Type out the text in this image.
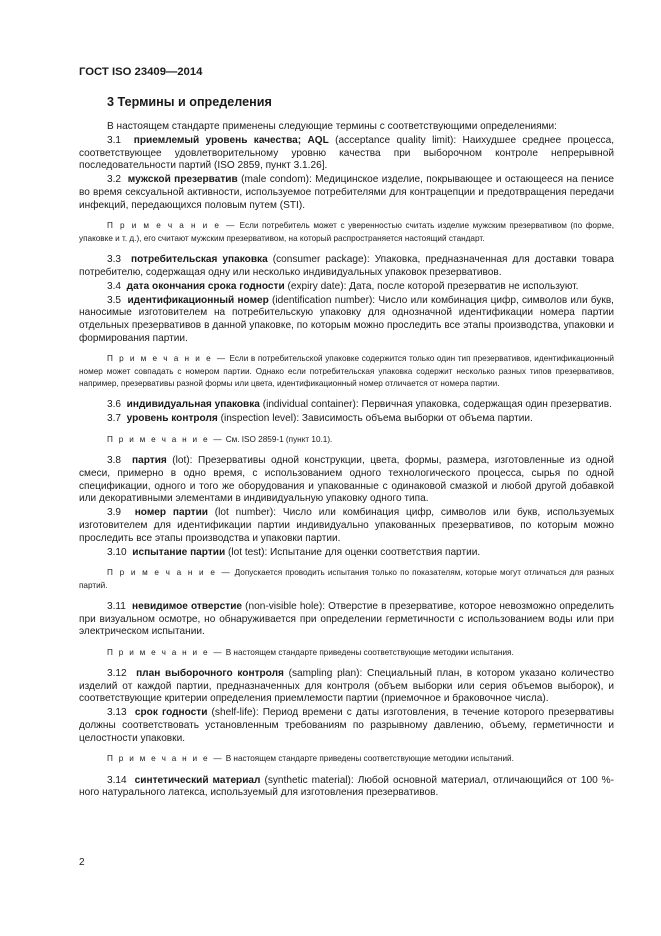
ГОСТ ISO 23409—2014
3 Термины и определения

В настоящем стандарте применены следующие термины с соответствующими определениями:

3.1 приемлемый уровень качества; AQL (acceptance quality limit): Наихудшее среднее процесса, соответствующее удовлетворительному уровню качества при выборочном контроле непрерывной последовательности партий (ISO 2859, пункт 3.1.26].

3.2 мужской презерватив (male condom): Медицинское изделие, покрывающее и остающееся на пенисе во время сексуальной активности, используемое потребителями для контрацепции и предотвращения передачи инфекций, передающихся половым путем (STI).

П р и м е ч а н и е — Если потребитель может с уверенностью считать изделие мужским презервативом (по форме, упаковке и т. д.), его считают мужским презервативом, на который распространяется настоящий стандарт.

3.3 потребительская упаковка (consumer package): Упаковка, предназначенная для доставки товара потребителю, содержащая одну или несколько индивидуальных упаковок презервативов.

3.4 дата окончания срока годности (expiry date): Дата, после которой презерватив не используют.

3.5 идентификационный номер (identification number): Число или комбинация цифр, символов или букв, наносимые изготовителем на потребительскую упаковку для однозначной идентификации номера партии отдельных презервативов в данной упаковке, по которым можно проследить все этапы производства, упаковки и формирования партии.

П р и м е ч а н и е — Если в потребительской упаковке содержится только один тип презервативов, идентификационный номер может совпадать с номером партии. Однако если потребительская упаковка содержит несколько разных типов презервативов, например, презервативы разной формы или цвета, идентификационный номер отличается от номера партии.

3.6 индивидуальная упаковка (individual container): Первичная упаковка, содержащая один презерватив.

3.7 уровень контроля (inspection level): Зависимость объема выборки от объема партии.

П р и м е ч а н и е — См. ISO 2859-1 (пункт 10.1).

3.8 партия (lot): Презервативы одной конструкции, цвета, формы, размера, изготовленные из одной смеси, примерно в одно время, с использованием одного технологического процесса, сырья по одной спецификации, одного и того же оборудования и упакованные с одинаковой смазкой и любой другой добавкой или декоративными элементами в индивидуальную упаковку одного типа.

3.9 номер партии (lot number): Число или комбинация цифр, символов или букв, используемых изготовителем для идентификации партии индивидуально упакованных презервативов, по которым можно проследить все этапы производства и упаковки партии.

3.10 испытание партии (lot test): Испытание для оценки соответствия партии.

П р и м е ч а н и е — Допускается проводить испытания только по показателям, которые могут отличаться для разных партий.

3.11 невидимое отверстие (non-visible hole): Отверстие в презервативе, которое невозможно определить при визуальном осмотре, но обнаруживается при определении герметичности с использованием воды или при электрическом испытании.

П р и м е ч а н и е — В настоящем стандарте приведены соответствующие методики испытания.

3.12 план выборочного контроля (sampling plan): Специальный план, в котором указано количество изделий от каждой партии, предназначенных для контроля (объем выборки или серия объемов выборок), и соответствующие критерии определения приемлемости партии (приемочное и браковочное числа).

3.13 срок годности (shelf-life): Период времени с даты изготовления, в течение которого презервативы должны соответствовать установленным требованиям по разрывному давлению, объему, герметичности и целостности упаковки.

П р и м е ч а н и е — В настоящем стандарте приведены соответствующие методики испытаний.

3.14 синтетический материал (synthetic material): Любой основной материал, отличающийся от 100 %-ного натурального латекса, используемый для изготовления презервативов.

2
